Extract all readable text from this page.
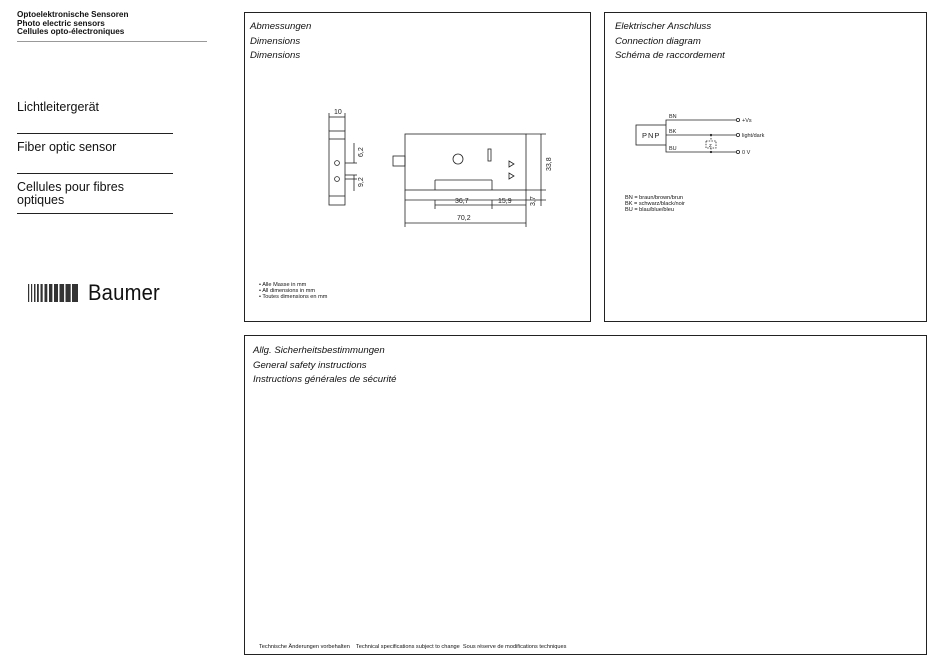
Optoelektronische Sensoren
Photo electric sensors
Cellules opto-électroniques
Lichtleitergerät
Fiber optic sensor
Cellules pour fibres
optiques
Baumer
Abmessungen
Dimensions
Dimensions
10
6,2
9,2
33,8
3,7
36,7	15,9
70,2
• Alle Masse in mm
• All dimensions in mm
• Toutes dimensions en mm
Elektrischer Anschluss
Connection diagram
Schéma de raccordement
PNP
BN
BK
BU
+Vs
light/dark
0 V
Z
BN = braun/brown/brun
BK = schwarz/black/noir
BU = blau/blue/bleu
Allg. Sicherheitsbestimmungen
General safety instructions
Instructions générales de sécurité
Technische Änderungen vorbehalten    Technical specifications subject to change  Sous réserve de modifications techniques
